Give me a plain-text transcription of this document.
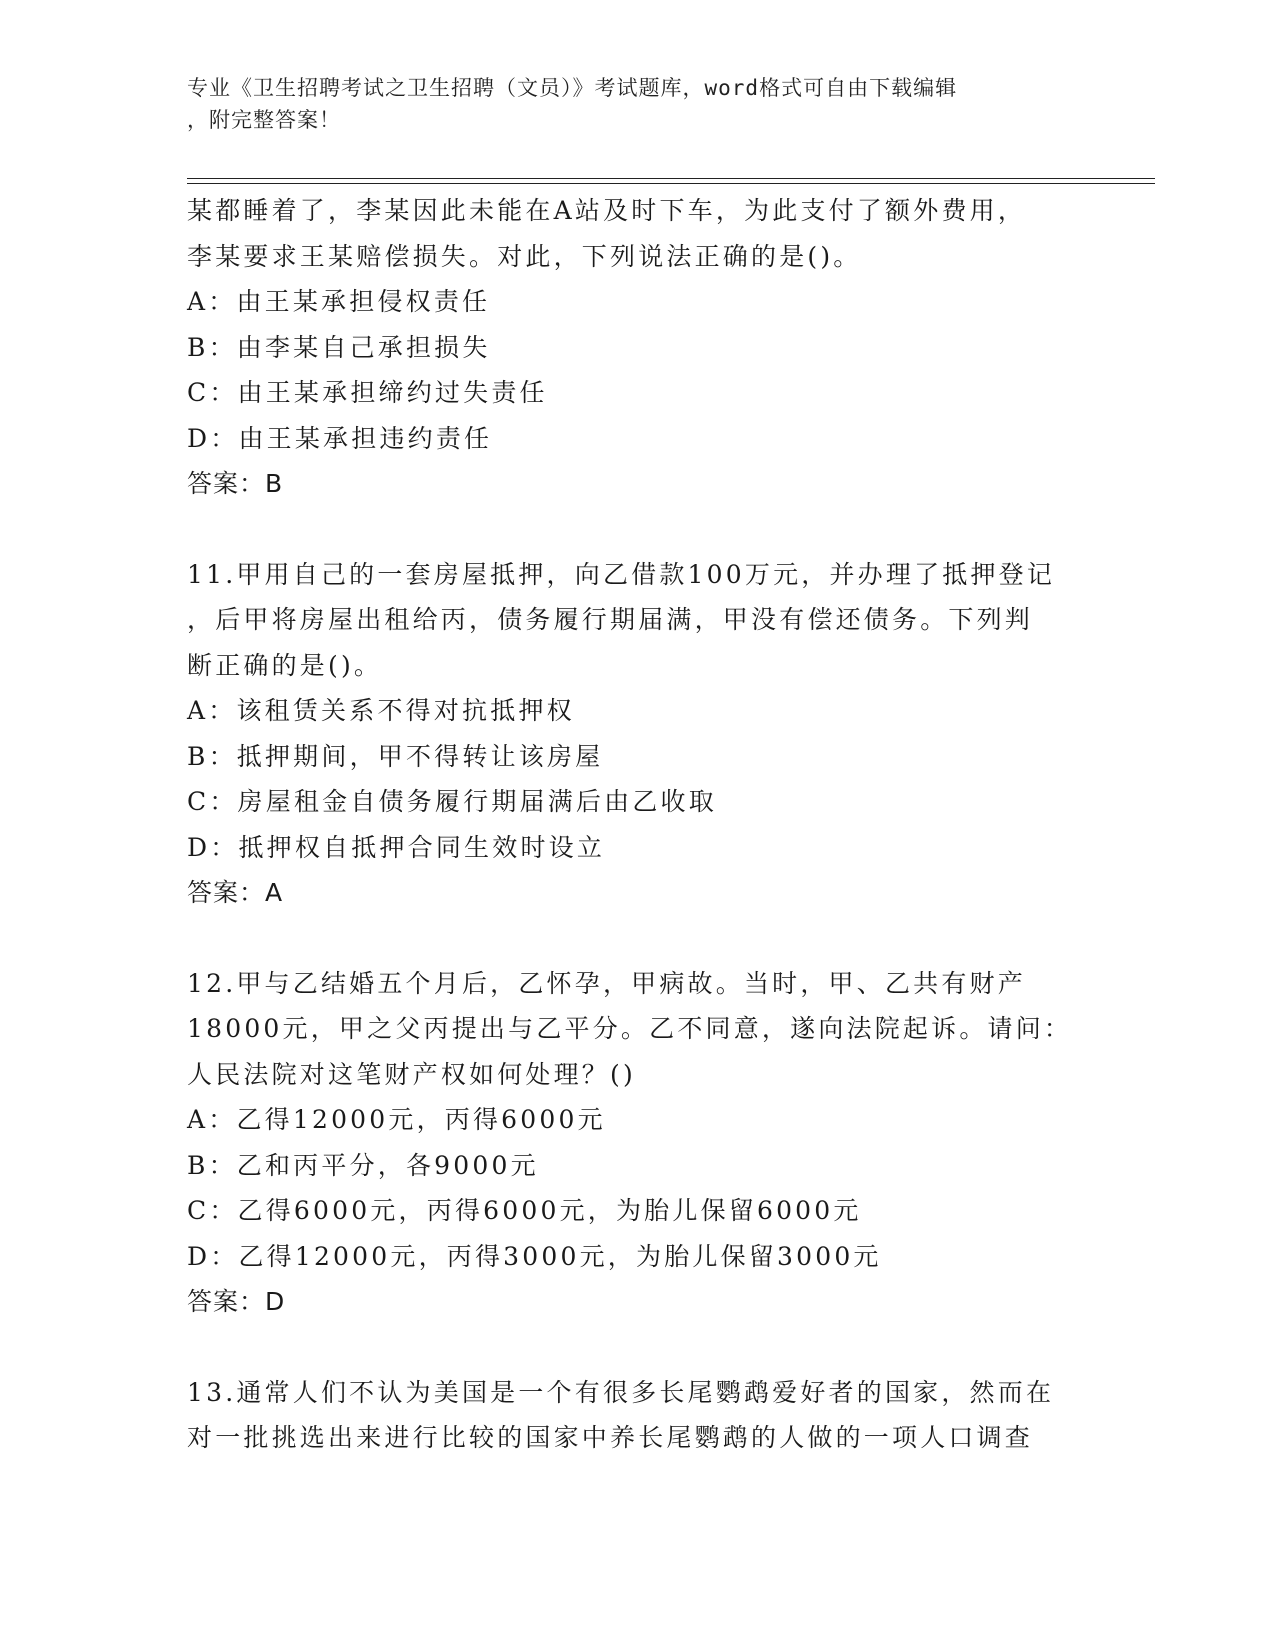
专业《卫生招聘考试之卫生招聘（文员）》考试题库，word格式可自由下载编辑
，附完整答案！
某都睡着了，李某因此未能在A站及时下车，为此支付了额外费用，
李某要求王某赔偿损失。对此，下列说法正确的是()。
A：由王某承担侵权责任
B：由李某自己承担损失
C：由王某承担缔约过失责任
D：由王某承担违约责任
答案：B
11.甲用自己的一套房屋抵押，向乙借款100万元，并办理了抵押登记
，后甲将房屋出租给丙，债务履行期届满，甲没有偿还债务。下列判
断正确的是()。
A：该租赁关系不得对抗抵押权
B：抵押期间，甲不得转让该房屋
C：房屋租金自债务履行期届满后由乙收取
D：抵押权自抵押合同生效时设立
答案：A
12.甲与乙结婚五个月后，乙怀孕，甲病故。当时，甲、乙共有财产
18000元，甲之父丙提出与乙平分。乙不同意，遂向法院起诉。请问：
人民法院对这笔财产权如何处理？()
A：乙得12000元，丙得6000元
B：乙和丙平分，各9000元
C：乙得6000元，丙得6000元，为胎儿保留6000元
D：乙得12000元，丙得3000元，为胎儿保留3000元
答案：D
13.通常人们不认为美国是一个有很多长尾鹦鹉爱好者的国家，然而在
对一批挑选出来进行比较的国家中养长尾鹦鹉的人做的一项人口调查
